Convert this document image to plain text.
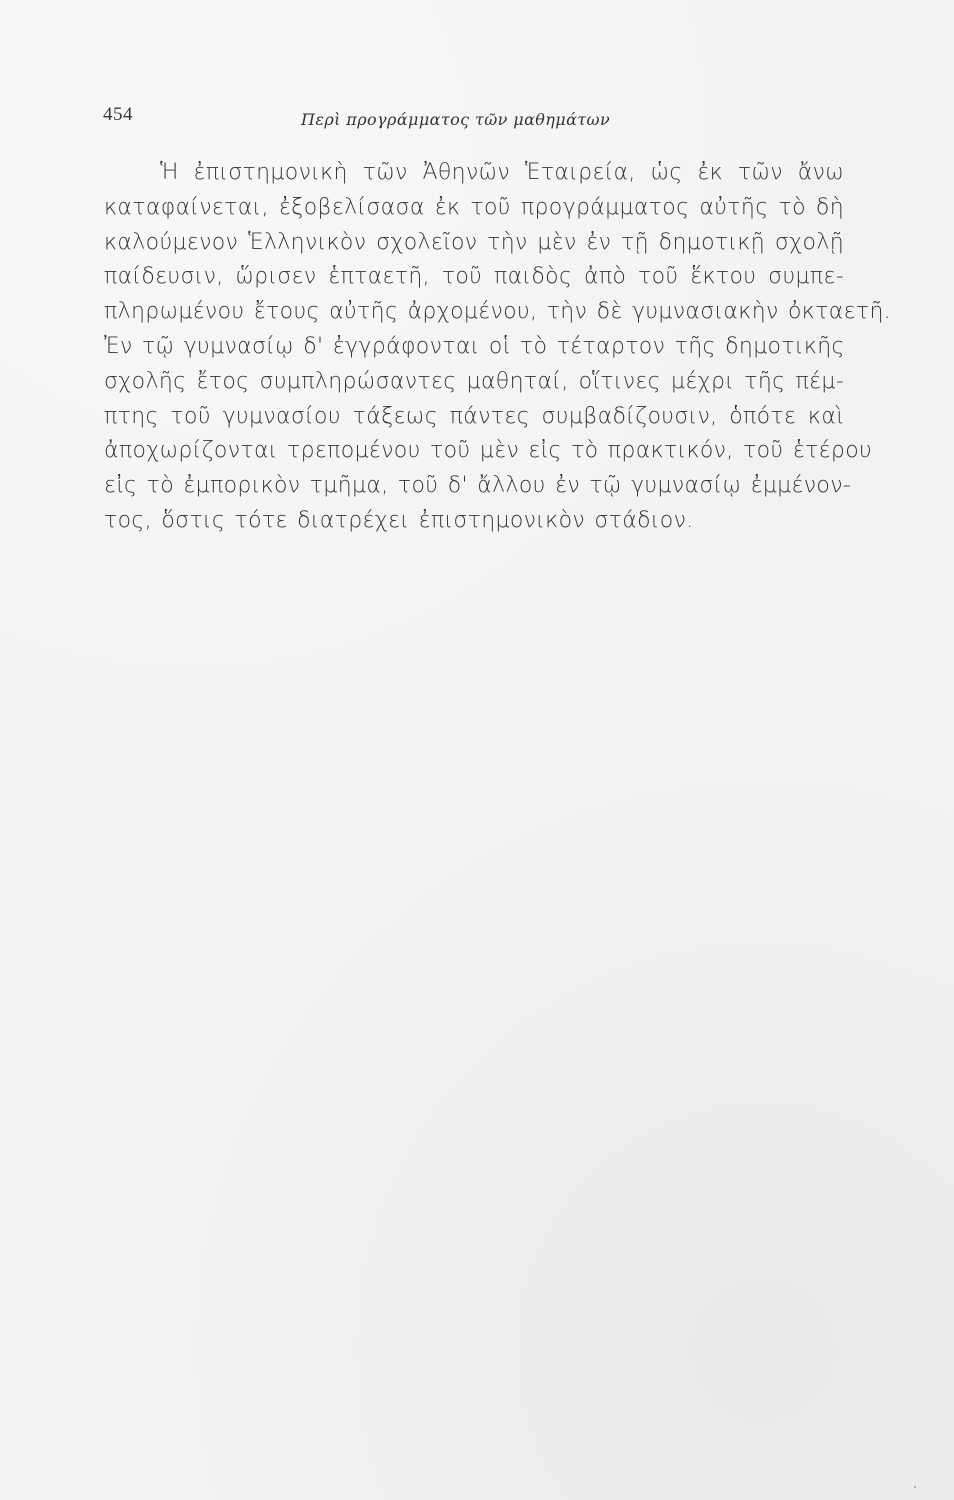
454	Περὶ προγράμματος τῶν μαθημάτων
Ἡ ἐπιστημονικὴ τῶν Ἀθηνῶν Ἑταιρεία, ὡς ἐκ τῶν ἄνω
καταφαίνεται, ἐξοβελίσασα ἐκ τοῦ προγράμματος αὐτῆς τὸ δὴ
καλούμενον Ἑλληνικὸν σχολεῖον τὴν μὲν ἐν τῇ δημοτικῇ σχολῇ
παίδευσιν, ὥρισεν ἑπταετῆ, τοῦ παιδὸς ἀπὸ τοῦ ἕκτου συμπε-
πληρωμένου ἔτους αὐτῆς ἀρχομένου, τὴν δὲ γυμνασιακὴν ὀκταετῆ.
Ἐν τῷ γυμνασίῳ δ' ἐγγράφονται οἱ τὸ τέταρτον τῆς δημοτικῆς
σχολῆς ἔτος συμπληρώσαντες μαθηταί, οἵτινες μέχρι τῆς πέμ-
πτης τοῦ γυμνασίου τάξεως πάντες συμβαδίζουσιν, ὁπότε καὶ
ἀποχωρίζονται τρεπομένου τοῦ μὲν εἰς τὸ πρακτικόν, τοῦ ἑτέρου
εἰς τὸ ἐμπορικὸν τμῆμα, τοῦ δ' ἄλλου ἐν τῷ γυμνασίῳ ἐμμένον-
τος, ὅστις τότε διατρέχει ἐπιστημονικὸν στάδιον.
